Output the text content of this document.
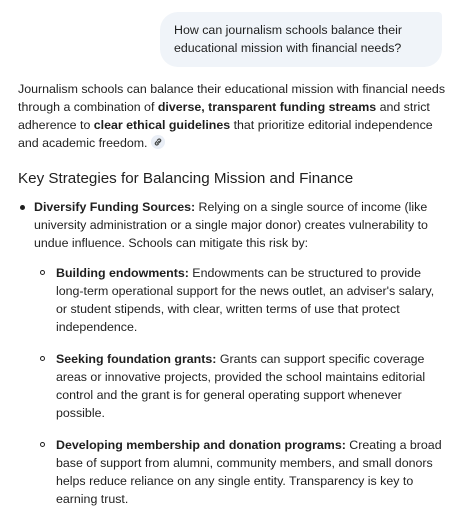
How can journalism schools balance their educational mission with financial needs?

Journalism schools can balance their educational mission with financial needs through a combination of diverse, transparent funding streams and strict adherence to clear ethical guidelines that prioritize editorial independence and academic freedom.

Key Strategies for Balancing Mission and Finance
Diversify Funding Sources: Relying on a single source of income (like university administration or a single major donor) creates vulnerability to undue influence. Schools can mitigate this risk by:
Building endowments: Endowments can be structured to provide long-term operational support for the news outlet, an adviser's salary, or student stipends, with clear, written terms of use that protect independence.
Seeking foundation grants: Grants can support specific coverage areas or innovative projects, provided the school maintains editorial control and the grant is for general operating support whenever possible.
Developing membership and donation programs: Creating a broad base of support from alumni, community members, and small donors helps reduce reliance on any single entity. Transparency is key to earning trust.
